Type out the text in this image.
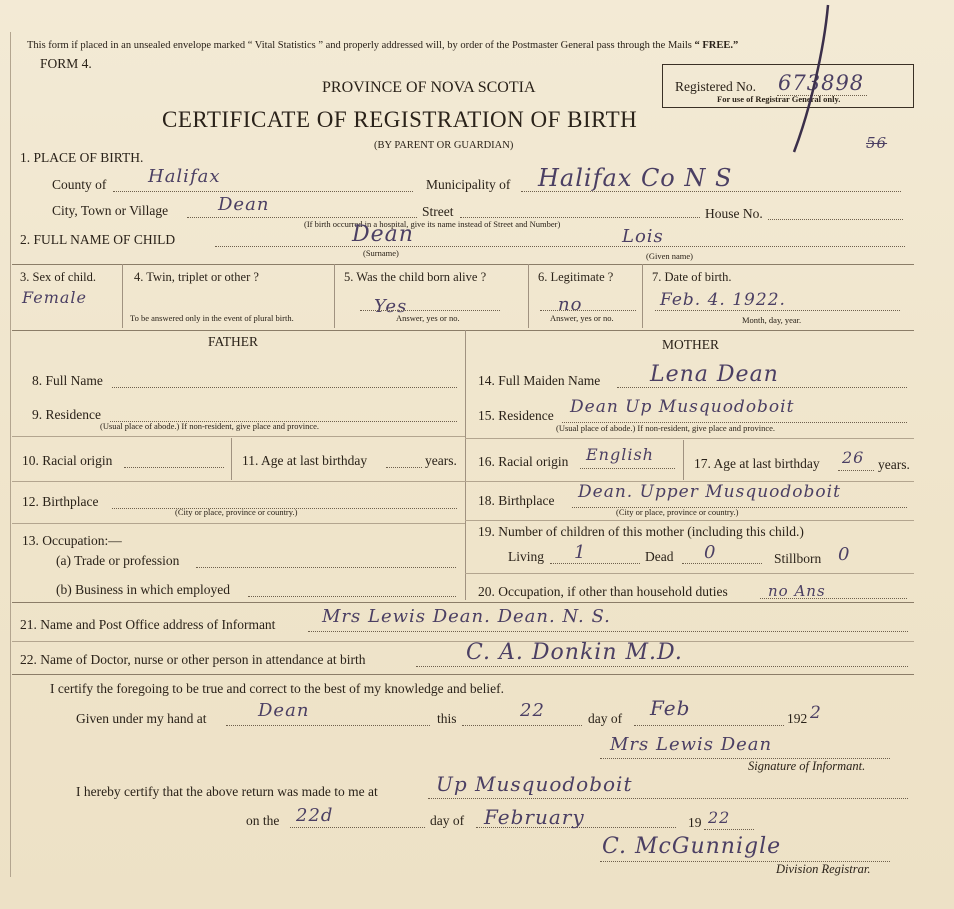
This form if placed in an unsealed envelope marked “ Vital Statistics ” and properly addressed will, by order of the Postmaster General pass through the Mails “ FREE.”
FORM 4.
PROVINCE OF NOVA SCOTIA
CERTIFICATE OF REGISTRATION OF BIRTH
(BY PARENT OR GUARDIAN)
Registered No. 673898
For use of Registrar General only.
56
1. PLACE OF BIRTH.
County of Halifax	Municipality of Halifax Co N S
City, Town or Village	Dean	Street
(If birth occurred in a hospital, give its name instead of Street and Number)
House No.
2. FULL NAME OF CHILD	Dean
(Surname)
Lois
(Given name)
3. Sex of child.
Female
4. Twin, triplet or other ?
To be answered only in the event of plural birth.
5. Was the child born alive ?
Yes
Answer, yes or no.
6. Legitimate ?
no
Answer, yes or no.
7. Date of birth.
Feb. 4. 1922.
Month, day, year.
FATHER	MOTHER
8. Full Name
9. Residence
(Usual place of abode.) If non-resident, give place and province.
10. Racial origin	11. Age at last birthday	years.
12. Birthplace
(City or place, province or country.)
13. Occupation:—
(a) Trade or profession
(b) Business in which employed
14. Full Maiden Name Lena Dean
15. Residence Dean Up Musquodoboit
(Usual place of abode.) If non-resident, give place and province.
16. Racial origin English	17. Age at last birthday 26 years.
18. Birthplace Dean. Upper Musquodoboit
(City or place, province or country.)
19. Number of children of this mother (including this child.)
Living 1	Dead 0	Stillborn 0
20. Occupation, if other than household duties	no Ans
21. Name and Post Office address of Informant	Mrs Lewis Dean. Dean. N. S.
22. Name of Doctor, nurse or other person in attendance at birth	C. A. Donkin M.D.
I certify the foregoing to be true and correct to the best of my knowledge and belief.
Given under my hand at	Dean	this	22	day of Feb	192 2
Mrs Lewis Dean
Signature of Informant.
I hereby certify that the above return was made to me at	Up Musquodoboit
on the 22d	day of February	19 22
C. McGunnigle
Division Registrar.
